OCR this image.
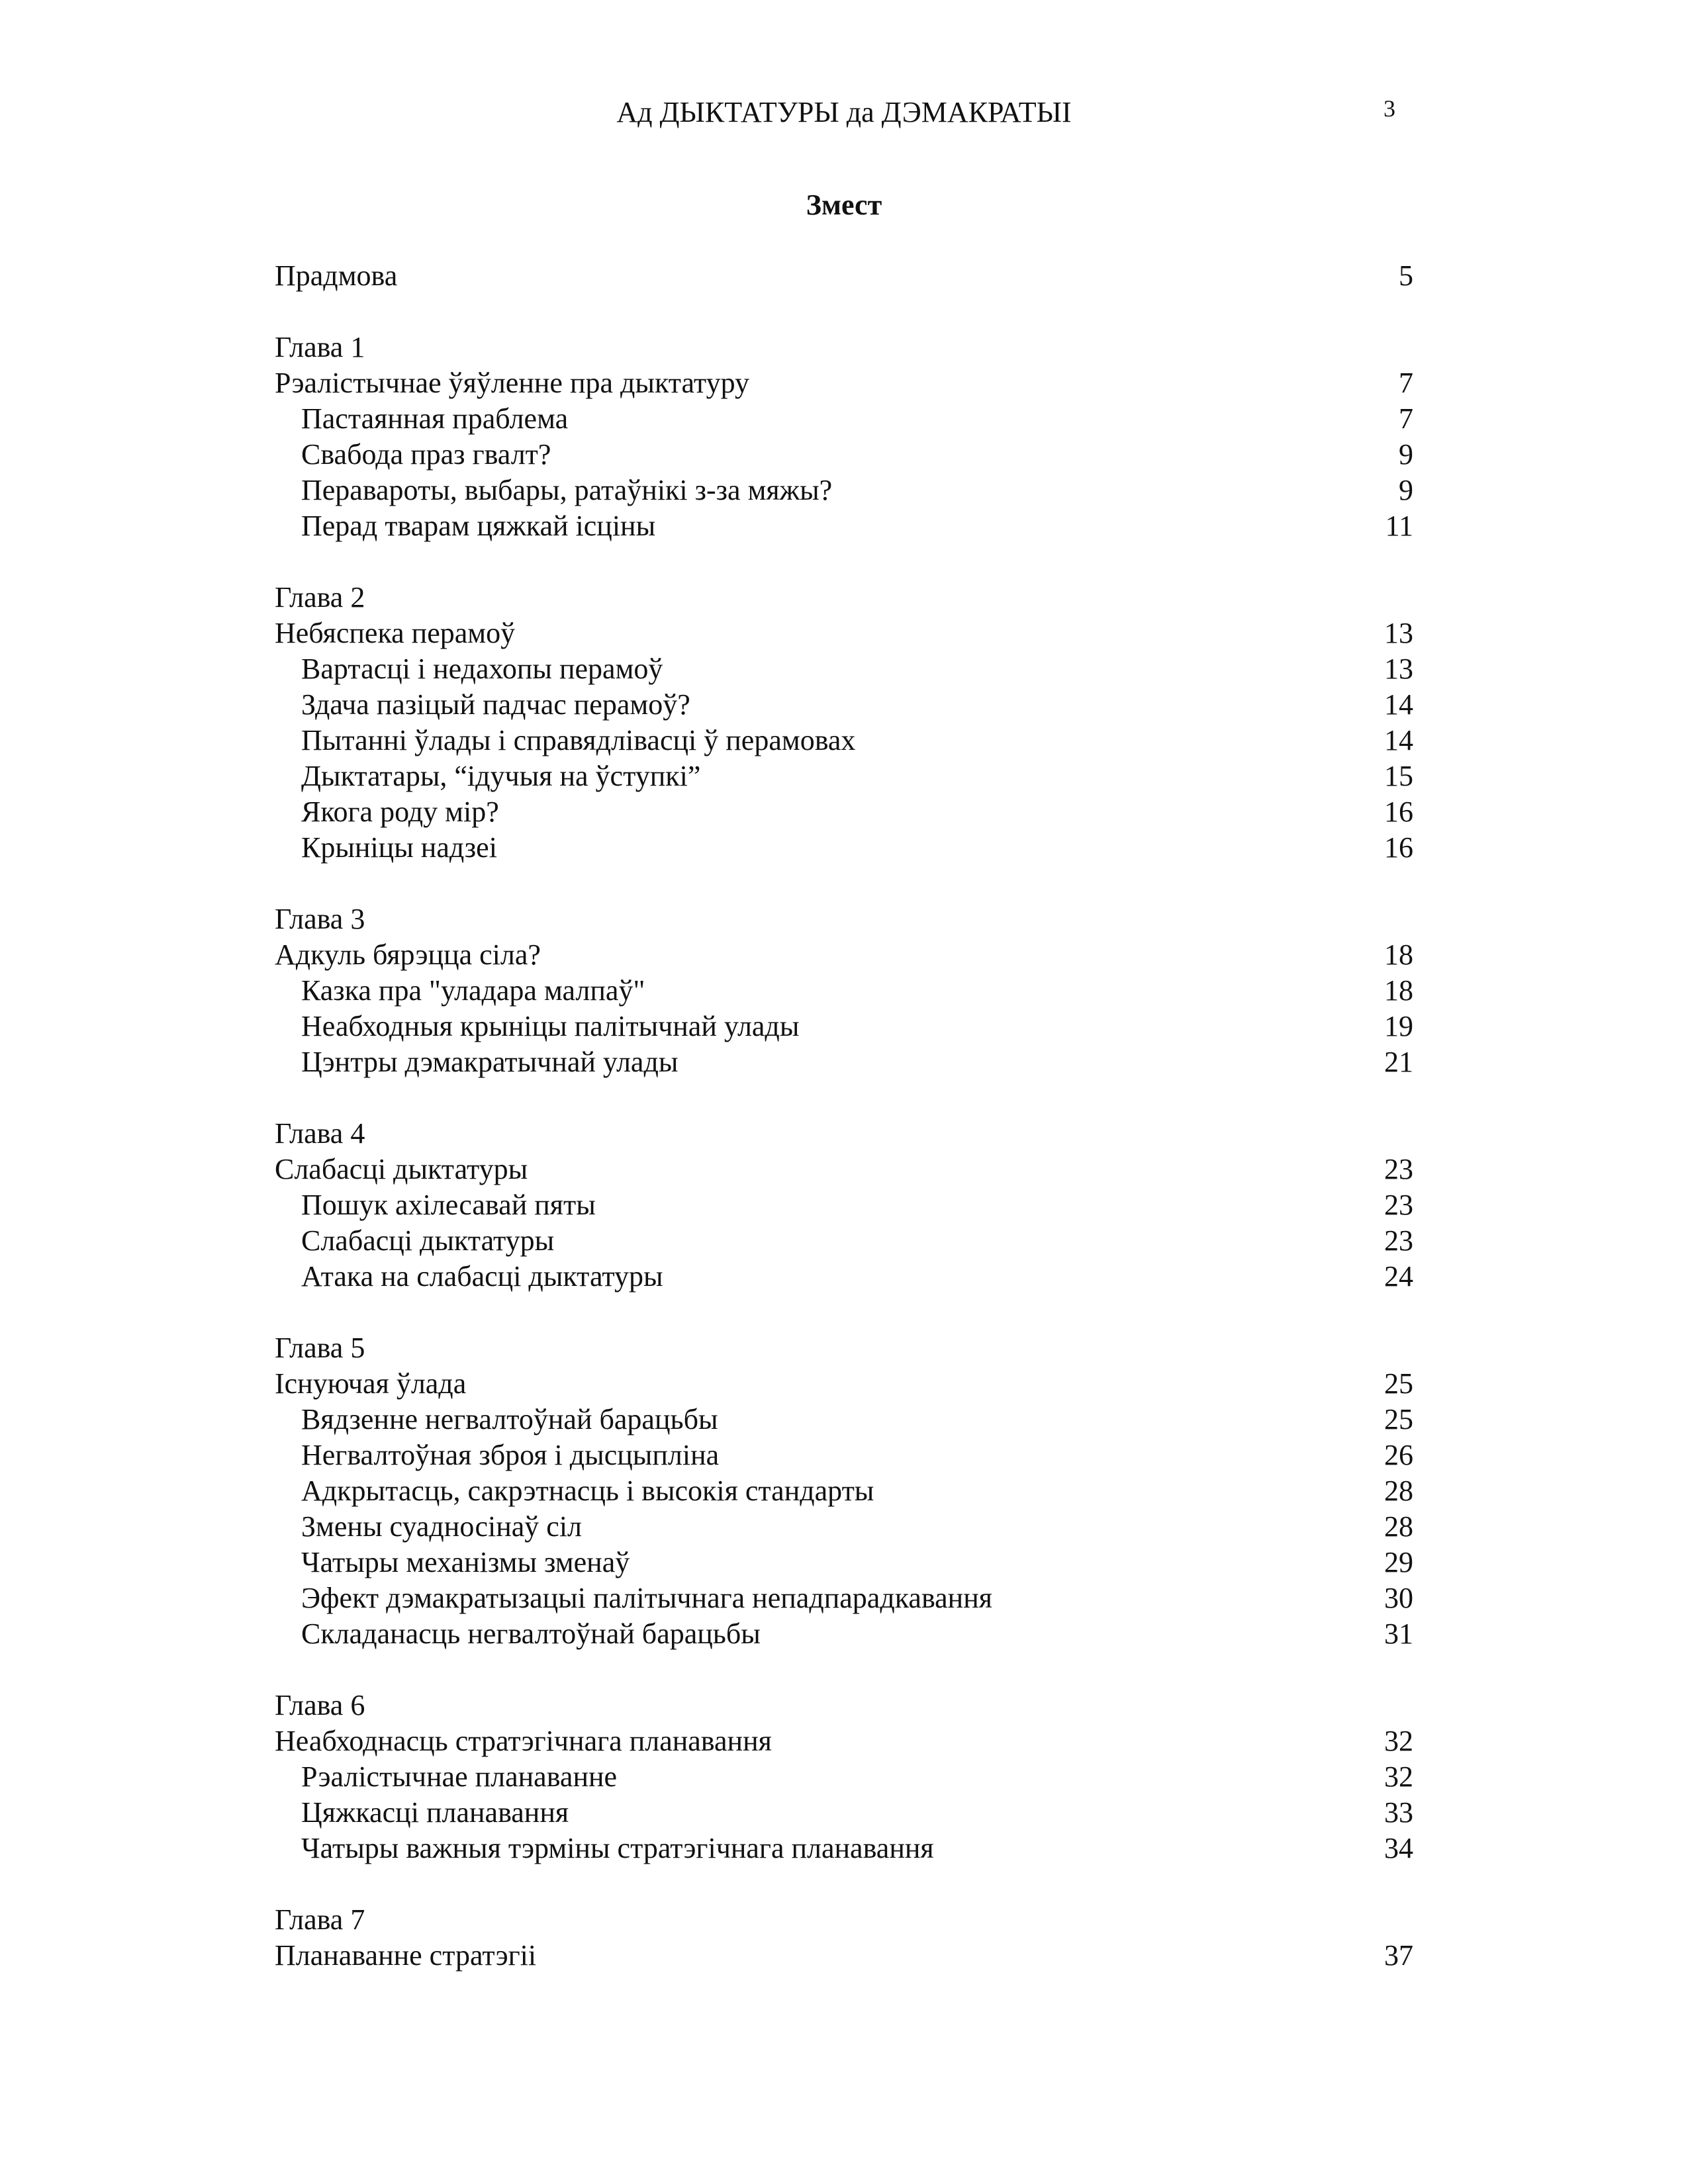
Ад ДЫКТАТУРЫ да ДЭМАКРАТЫІ	3
Змест
Прадмова	5
Глава 1
Рэалістычнае ўяўленне пра дыктатуру	7
Пастаянная праблема	7
Свабода праз гвалт?	9
Перавароты, выбары, ратаўнікі з-за мяжы?	9
Перад тварам цяжкай ісціны	11
Глава 2
Небяспека перамоў	13
Вартасці і недахопы перамоў	13
Здача пазіцый падчас перамоў?	14
Пытанні ўлады і справядлівасці ў перамовах	14
Дыктатары, “ідучыя на ўступкі”	15
Якога роду мір?	16
Крыніцы надзеі	16
Глава 3
Адкуль бярэцца сіла?	18
Казка пра "уладара малпаў"	18
Неабходныя крыніцы палітычнай улады	19
Цэнтры дэмакратычнай улады	21
Глава 4
Слабасці дыктатуры	23
Пошук ахілесавай пяты	23
Слабасці дыктатуры	23
Атака на слабасці дыктатуры	24
Глава 5
Існуючая ўлада	25
Вядзенне негвалтоўнай барацьбы	25
Негвалтоўная зброя і дысцыпліна	26
Адкрытасць, сакрэтнасць і высокія стандарты	28
Змены суадносінаў сіл	28
Чатыры механізмы зменаў	29
Эфект дэмакратызацыі палітычнага непадпарадкавання	30
Складанасць негвалтоўнай барацьбы	31
Глава 6
Неабходнасць стратэгічнага планавання	32
Рэалістычнае планаванне	32
Цяжкасці планавання	33
Чатыры важныя тэрміны стратэгічнага планавання	34
Глава 7
Планаванне стратэгіі	37
